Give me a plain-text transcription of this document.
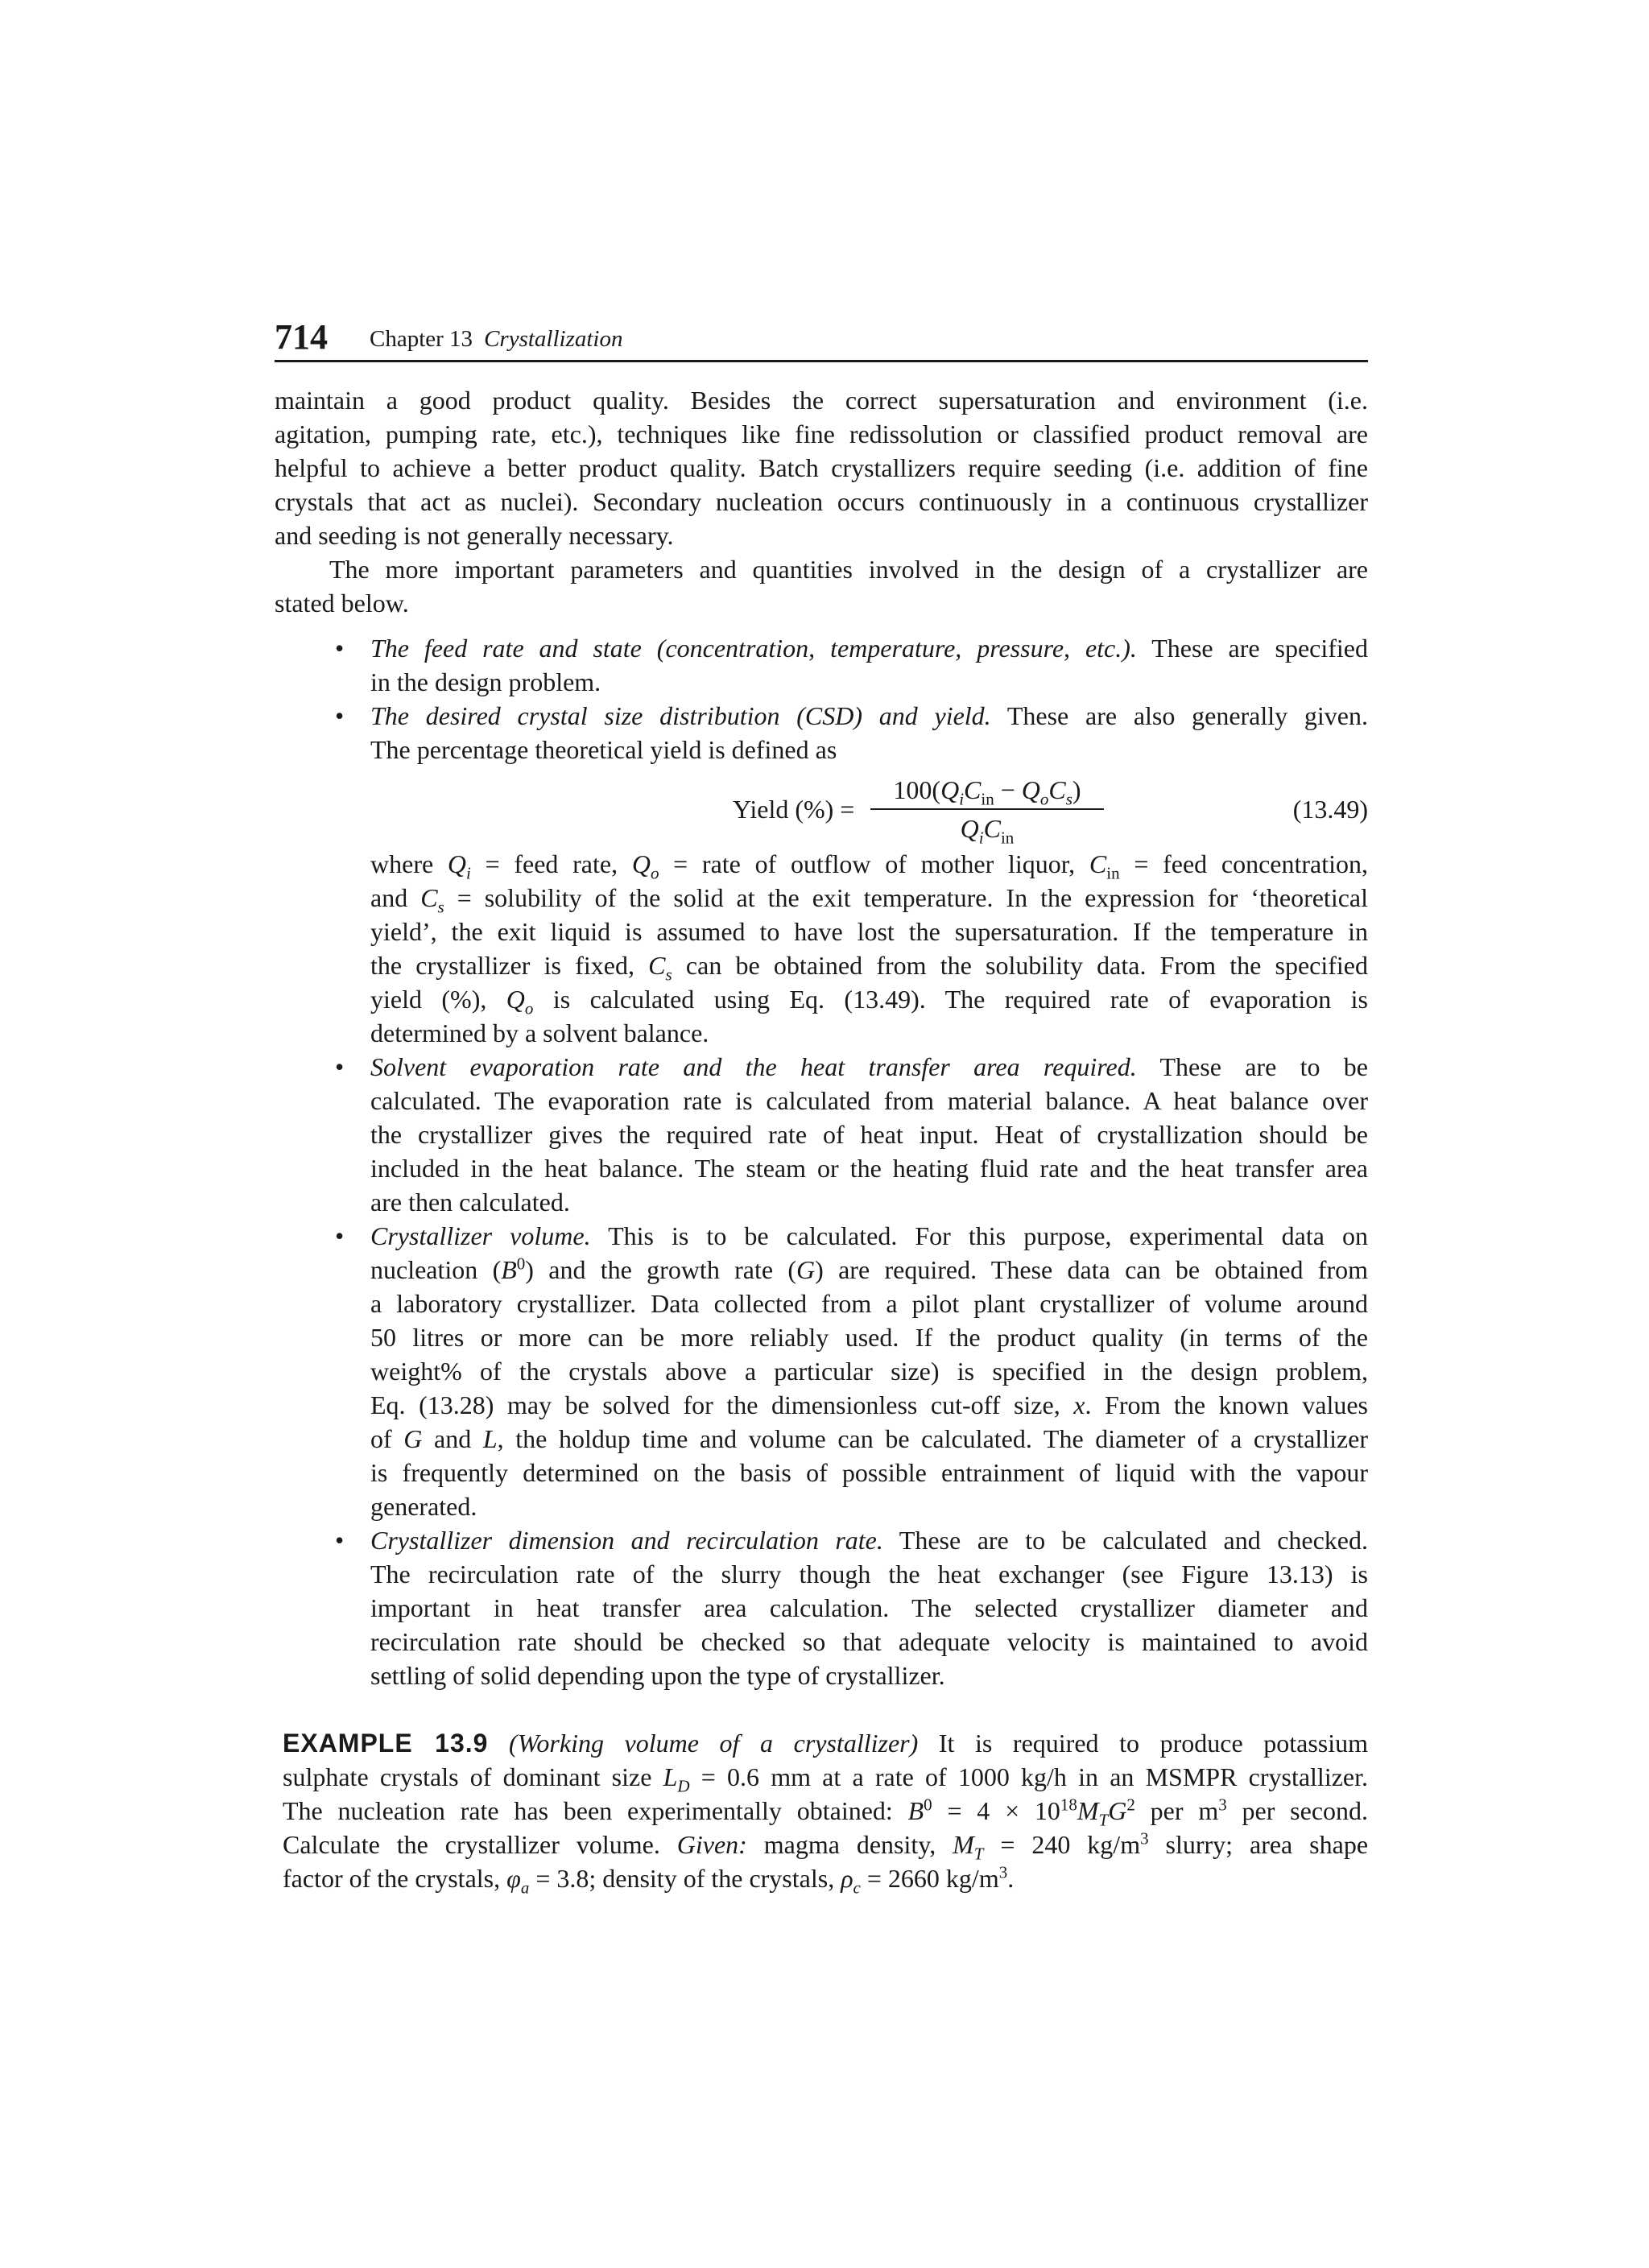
714 Chapter 13 Crystallization
maintain a good product quality. Besides the correct supersaturation and environment (i.e.
agitation, pumping rate, etc.), techniques like fine redissolution or classified product removal are
helpful to achieve a better product quality. Batch crystallizers require seeding (i.e. addition of fine
crystals that act as nuclei). Secondary nucleation occurs continuously in a continuous crystallizer
and seeding is not generally necessary.
The more important parameters and quantities involved in the design of a crystallizer are
stated below.
• The feed rate and state (concentration, temperature, pressure, etc.). These are specified
in the design problem.
• The desired crystal size distribution (CSD) and yield. These are also generally given.
The percentage theoretical yield is defined as
Yield (%) =
$100(Q_iC_{in} - Q_oC_s)$
$Q_iC_{in}$
(13.49)
where $Q_i$ = feed rate, $Q_o$ = rate of outflow of mother liquor, $C_{in}$ = feed concentration,
and $C_s$ = solubility of the solid at the exit temperature. In the expression for ‘theoretical
yield’, the exit liquid is assumed to have lost the supersaturation. If the temperature in
the crystallizer is fixed, $C_s$ can be obtained from the solubility data. From the specified
yield (%), $Q_o$ is calculated using Eq. (13.49). The required rate of evaporation is
determined by a solvent balance.
• Solvent evaporation rate and the heat transfer area required. These are to be
calculated. The evaporation rate is calculated from material balance. A heat balance over
the crystallizer gives the required rate of heat input. Heat of crystallization should be
included in the heat balance. The steam or the heating fluid rate and the heat transfer area
are then calculated.
• Crystallizer volume. This is to be calculated. For this purpose, experimental data on
nucleation $(B^0)$ and the growth rate (G) are required. These data can be obtained from
a laboratory crystallizer. Data collected from a pilot plant crystallizer of volume around
50 litres or more can be more reliably used. If the product quality (in terms of the
weight% of the crystals above a particular size) is specified in the design problem,
Eq. (13.28) may be solved for the dimensionless cut-off size, x. From the known values
of G and L, the holdup time and volume can be calculated. The diameter of a crystallizer
is frequently determined on the basis of possible entrainment of liquid with the vapour
generated.
• Crystallizer dimension and recirculation rate. These are to be calculated and checked.
The recirculation rate of the slurry though the heat exchanger (see Figure 13.13) is
important in heat transfer area calculation. The selected crystallizer diameter and
recirculation rate should be checked so that adequate velocity is maintained to avoid
settling of solid depending upon the type of crystallizer.
EXAMPLE 13.9 (Working volume of a crystallizer) It is required to produce potassium
sulphate crystals of dominant size $L_D = 0.6$ mm at a rate of 1000 kg/h in an MSMPR crystallizer.
The nucleation rate has been experimentally obtained: $B^0 = 4 \times 10^{18}M_TG^2$ per $m^3$ per second.
Calculate the crystallizer volume. Given: magma density, $M_T = 240$ $kg/m^3$ slurry; area shape
factor of the crystals, $\varphi_a = 3.8$; density of the crystals, $\rho_c = 2660$ $kg/m^3$.
